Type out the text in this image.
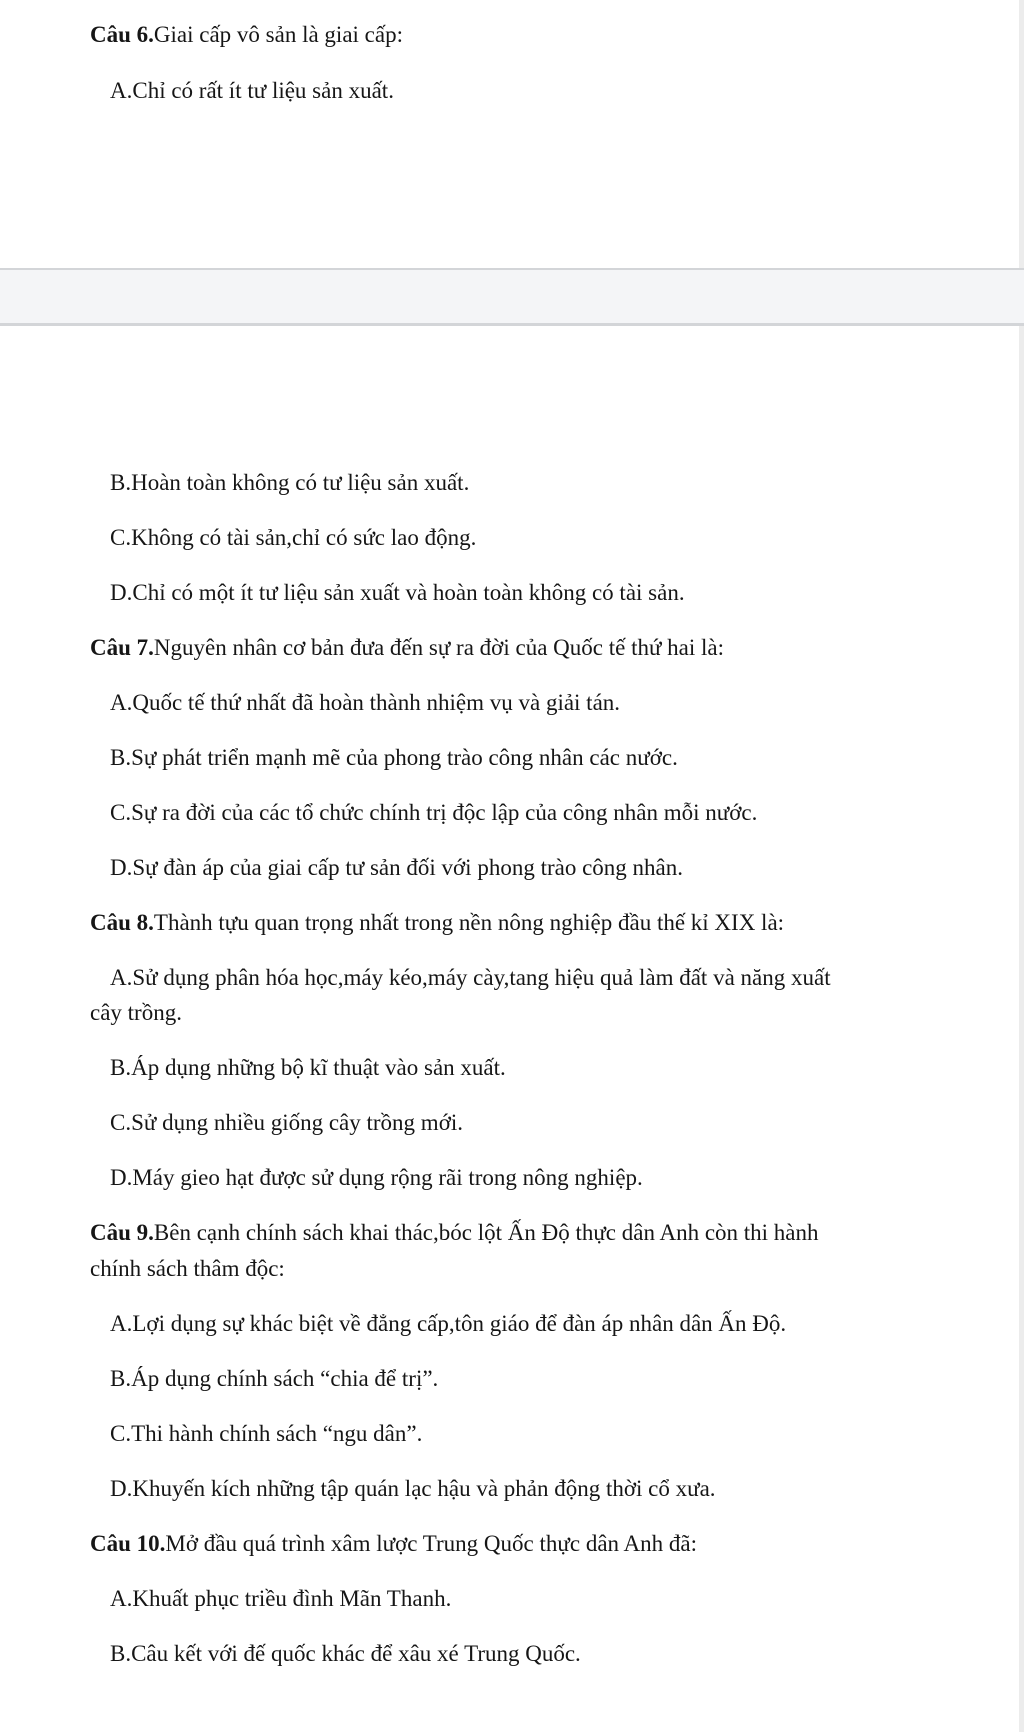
Câu 6.Giai cấp vô sản là giai cấp:
A.Chỉ có rất ít tư liệu sản xuất.
B.Hoàn toàn không có tư liệu sản xuất.
C.Không có tài sản,chỉ có sức lao động.
D.Chỉ có một ít tư liệu sản xuất và hoàn toàn không có tài sản.
Câu 7.Nguyên nhân cơ bản đưa đến sự ra đời của Quốc tế thứ hai là:
A.Quốc tế thứ nhất đã hoàn thành nhiệm vụ và giải tán.
B.Sự phát triển mạnh mẽ của phong trào công nhân các nước.
C.Sự ra đời của các tổ chức chính trị độc lập của công nhân mỗi nước.
D.Sự đàn áp của giai cấp tư sản đối với phong trào công nhân.
Câu 8.Thành tựu quan trọng nhất trong nền nông nghiệp đầu thế kỉ XIX là:
A.Sử dụng phân hóa học,máy kéo,máy cày,tang hiệu quả làm đất và năng xuất
cây trồng.
B.Áp dụng những bộ kĩ thuật vào sản xuất.
C.Sử dụng nhiều giống cây trồng mới.
D.Máy gieo hạt được sử dụng rộng rãi trong nông nghiệp.
Câu 9.Bên cạnh chính sách khai thác,bóc lột Ấn Độ thực dân Anh còn thi hành
chính sách thâm độc:
A.Lợi dụng sự khác biệt về đẳng cấp,tôn giáo để đàn áp nhân dân Ấn Độ.
B.Áp dụng chính sách “chia để trị”.
C.Thi hành chính sách “ngu dân”.
D.Khuyến kích những tập quán lạc hậu và phản động thời cổ xưa.
Câu 10.Mở đầu quá trình xâm lược Trung Quốc thực dân Anh đã:
A.Khuất phục triều đình Mãn Thanh.
B.Câu kết với đế quốc khác để xâu xé Trung Quốc.
